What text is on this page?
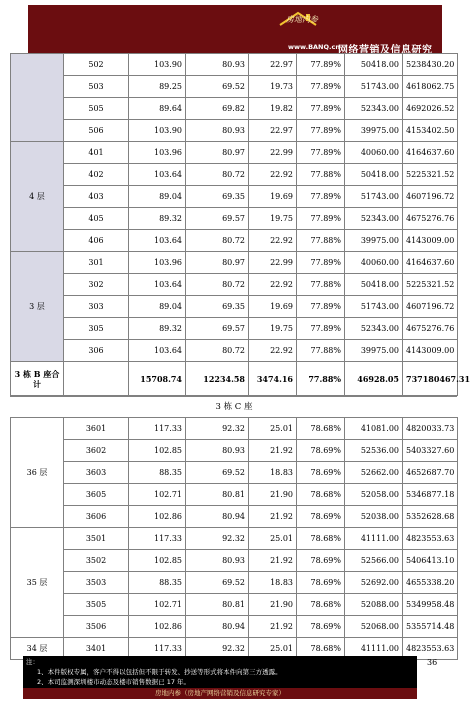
房地内参
www.BANQ.cn
网络营销及信息研究专家
	502	103.90	80.93	22.97	77.89%	50418.00	5238430.20
	503	89.25	69.52	19.73	77.89%	51743.00	4618062.75
	505	89.64	69.82	19.82	77.89%	52343.00	4692026.52
	506	103.90	80.93	22.97	77.89%	39975.00	4153402.50
4 层	401	103.96	80.97	22.99	77.89%	40060.00	4164637.60
	402	103.64	80.72	22.92	77.88%	50418.00	5225321.52
	403	89.04	69.35	19.69	77.89%	51743.00	4607196.72
	405	89.32	69.57	19.75	77.89%	52343.00	4675276.76
	406	103.64	80.72	22.92	77.88%	39975.00	4143009.00
3 层	301	103.96	80.97	22.99	77.89%	40060.00	4164637.60
	302	103.64	80.72	22.92	77.88%	50418.00	5225321.52
	303	89.04	69.35	19.69	77.89%	51743.00	4607196.72
	305	89.32	69.57	19.75	77.89%	52343.00	4675276.76
	306	103.64	80.72	22.92	77.88%	39975.00	4143009.00
3 栋 B 座合计		15708.74	12234.58	3474.16	77.88%	46928.05	737180467.31
3 栋 C 座							
36 层	3601	117.33	92.32	25.01	78.68%	41081.00	4820033.73
	3602	102.85	80.93	21.92	78.69%	52536.00	5403327.60
	3603	88.35	69.52	18.83	78.69%	52662.00	4652687.70
	3605	102.71	80.81	21.90	78.68%	52058.00	5346877.18
	3606	102.86	80.94	21.92	78.69%	52038.00	5352628.68
35 层	3501	117.33	92.32	25.01	78.68%	41111.00	4823553.63
	3502	102.85	80.93	21.92	78.69%	52566.00	5406413.10
	3503	88.35	69.52	18.83	78.69%	52692.00	4655338.20
	3505	102.71	80.81	21.90	78.68%	52088.00	5349958.48
	3506	102.86	80.94	21.92	78.69%	52068.00	5355714.48
34 层	3401	117.33	92.32	25.01	78.68%	41111.00	4823553.63
注：
1、本件版权专属，客户不得以包括但不限于转发、抄送等形式将本件向第三方透露。
2、本司监测深圳楼市动态及楼市销售数据已 17 年。
房地内参（房地产网络营销及信息研究专家）
36
